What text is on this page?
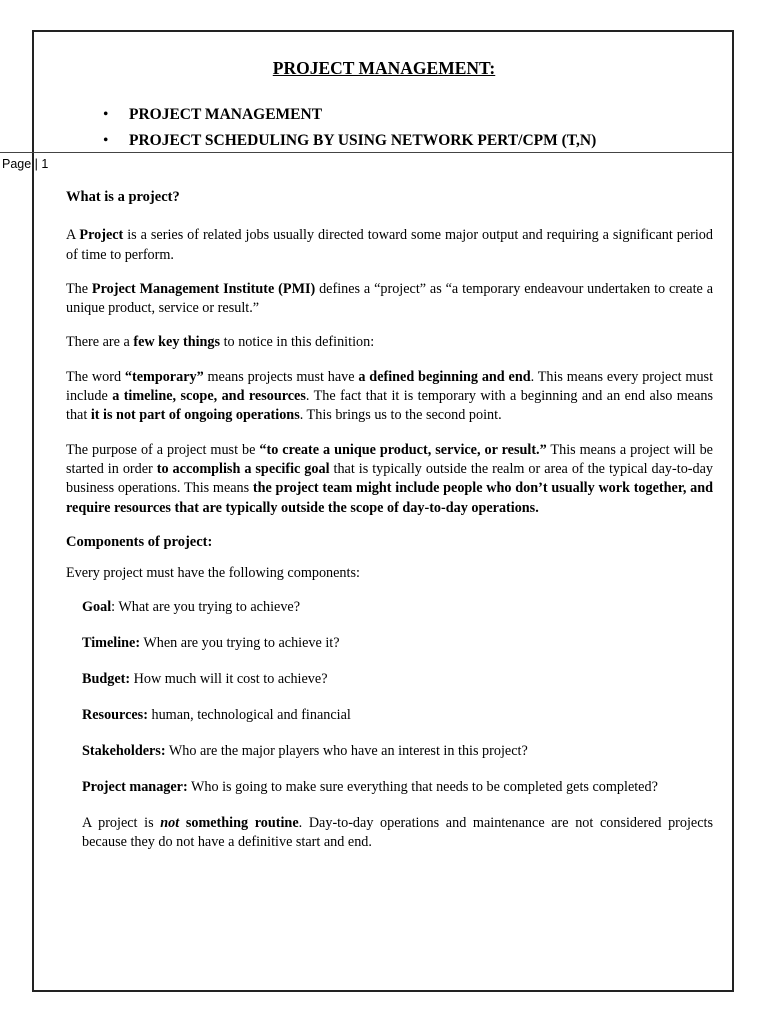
PROJECT MANAGEMENT:
• PROJECT MANAGEMENT
• PROJECT SCHEDULING BY USING NETWORK PERT/CPM (T,N)
Page | 1
What is a project?

A Project is a series of related jobs usually directed toward some major output and requiring a significant period of time to perform.

The Project Management Institute (PMI) defines a “project” as “a temporary endeavour undertaken to create a unique product, service or result.”

There are a few key things to notice in this definition:

The word “temporary” means projects must have a defined beginning and end. This means every project must include a timeline, scope, and resources. The fact that it is temporary with a beginning and an end also means that it is not part of ongoing operations. This brings us to the second point.

The purpose of a project must be “to create a unique product, service, or result.” This means a project will be started in order to accomplish a specific goal that is typically outside the realm or area of the typical day-to-day business operations. This means the project team might include people who don’t usually work together, and require resources that are typically outside the scope of day-to-day operations.

Components of project:

Every project must have the following components:

Goal: What are you trying to achieve?
Timeline: When are you trying to achieve it?
Budget: How much will it cost to achieve?
Resources: human, technological and financial
Stakeholders: Who are the major players who have an interest in this project?
Project manager: Who is going to make sure everything that needs to be completed gets completed?

A project is not something routine. Day-to-day operations and maintenance are not considered projects because they do not have a definitive start and end.
